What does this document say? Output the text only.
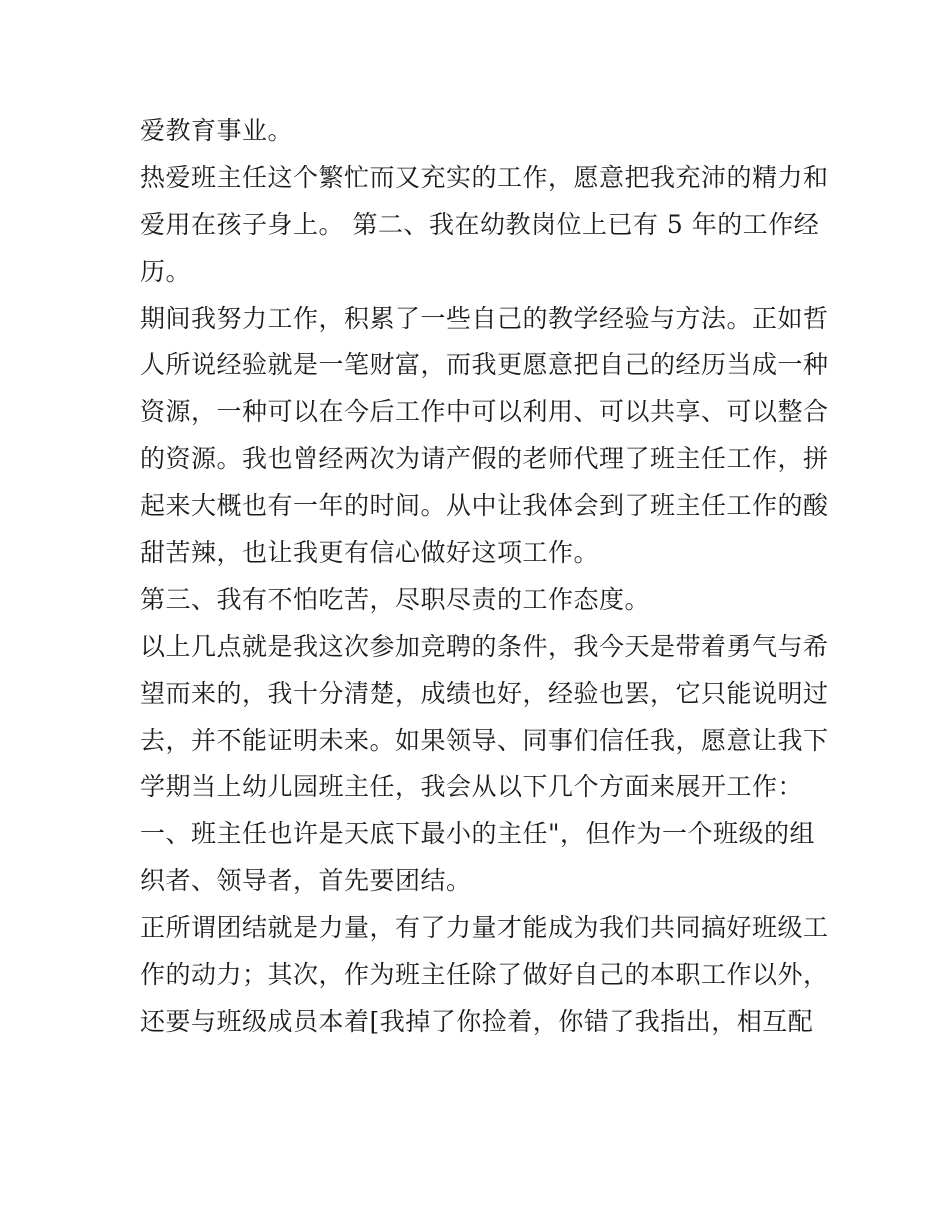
爱教育事业。
热爱班主任这个繁忙而又充实的工作，愿意把我充沛的精力和
爱用在孩子身上。 第二、我在幼教岗位上已有 5 年的工作经
历。
期间我努力工作，积累了一些自己的教学经验与方法。正如哲
人所说经验就是一笔财富，而我更愿意把自己的经历当成一种
资源，一种可以在今后工作中可以利用、可以共享、可以整合
的资源。我也曾经两次为请产假的老师代理了班主任工作，拼
起来大概也有一年的时间。从中让我体会到了班主任工作的酸
甜苦辣，也让我更有信心做好这项工作。
第三、我有不怕吃苦，尽职尽责的工作态度。
以上几点就是我这次参加竞聘的条件，我今天是带着勇气与希
望而来的，我十分清楚，成绩也好，经验也罢，它只能说明过
去，并不能证明未来。如果领导、同事们信任我，愿意让我下
学期当上幼儿园班主任，我会从以下几个方面来展开工作：
一、班主任也许是天底下最小的主任"，但作为一个班级的组
织者、领导者，首先要团结。
正所谓团结就是力量，有了力量才能成为我们共同搞好班级工
作的动力；其次，作为班主任除了做好自己的本职工作以外，
还要与班级成员本着[我掉了你捡着，你错了我指出，相互配
